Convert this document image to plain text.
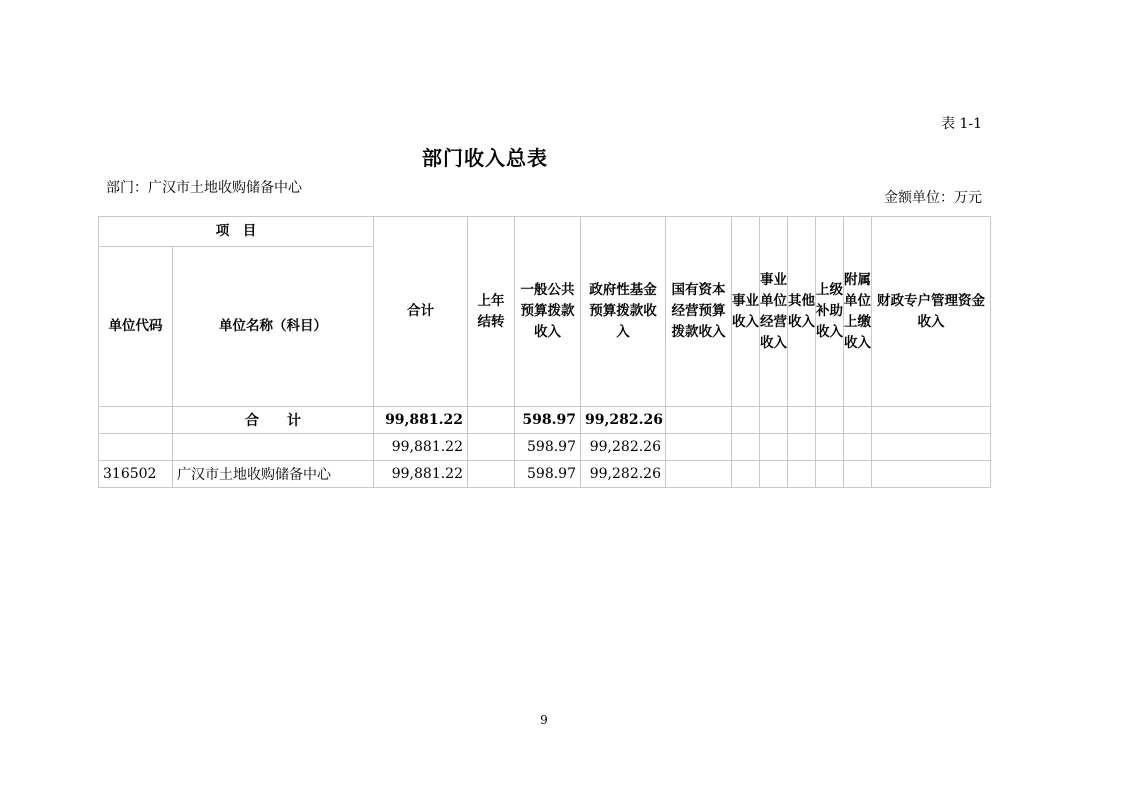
表 1-1
部门收入总表
部门：广汉市土地收购储备中心
金额单位：万元
项　目		合计	上年结转	一般公共预算拨款收入	政府性基金预算拨款收入	国有资本经营预算拨款收入	事业收入	事业单位经营收入	其他收入	上级补助收入	附属单位上缴收入	财政专户管理资金收入
单位代码	单位名称（科目）											
	合　　计	99,881.22		598.97	99,282.26							
		99,881.22		598.97	99,282.26							
316502	广汉市土地收购储备中心	99,881.22		598.97	99,282.26							
9
